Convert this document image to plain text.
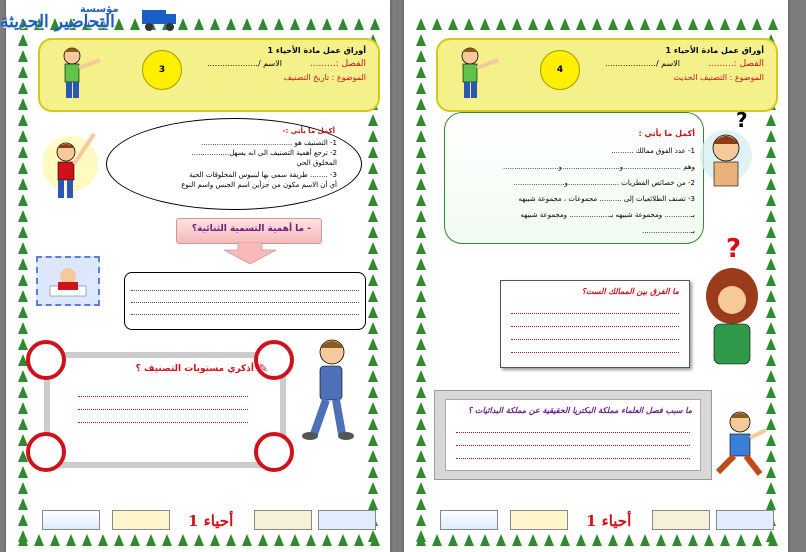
3
أوراق عمل مادة الأحياء 1
الفصل :.........
الاسم /....................
الموضوع : تاريخ التصنيف
أكمل ما يأتي :-
1- التصنيف هو .........................................
2- ترجع أهمية التصنيف الى انه يسهل.................
المخلوق الحي
3- ........ طريقة سمى بها لينيوس المخلوقات الحية
أي أن الاسم مكون من جزأين اسم الجنس واسم النوع
- ما أهمية التسمية الثنائية؟
أذكري مستويات التصنيف ؟ ✎
أحياء 1
4
أوراق عمل مادة الأحياء 1
الفصل :.........
الاسم /....................
الموضوع : التصنيف الحديث
أكمل ما يأتي :
1- عدد الفوق ممالك ..........
وهم ..........................و..........................و.........................
2- من خصائص الفطريات .......................و.......................
3- تصنف الطلائعيات إلى .......... مجموعات ، مجموعة شبيهه
بـ............ ومجموعة شبيهه بـ.................. ومجموعة شبيهه
بـ......................
?
?
ما الفرق بين الممالك الست؟
ما سبب فصل العلماء مملكة البكتريا الحقيقية عن مملكة البدائيات ؟
أحياء 1
مؤسسة
التحاضير الحديثة
